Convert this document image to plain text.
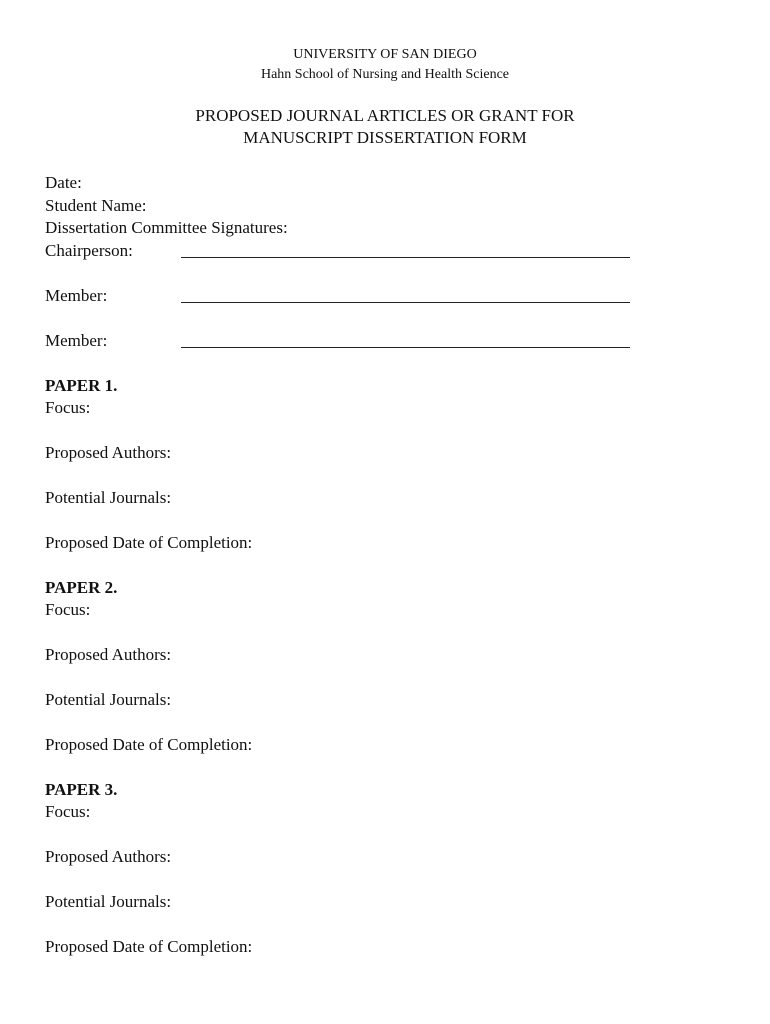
UNIVERSITY OF SAN DIEGO
Hahn School of Nursing and Health Science
PROPOSED JOURNAL ARTICLES OR GRANT FOR
MANUSCRIPT DISSERTATION FORM
Date:
Student Name:
Dissertation Committee Signatures:
Chairperson:
Member:
Member:
PAPER 1.
Focus:
Proposed Authors:
Potential Journals:
Proposed Date of Completion:
PAPER 2.
Focus:
Proposed Authors:
Potential Journals:
Proposed Date of Completion:
PAPER 3.
Focus:
Proposed Authors:
Potential Journals:
Proposed Date of Completion:
